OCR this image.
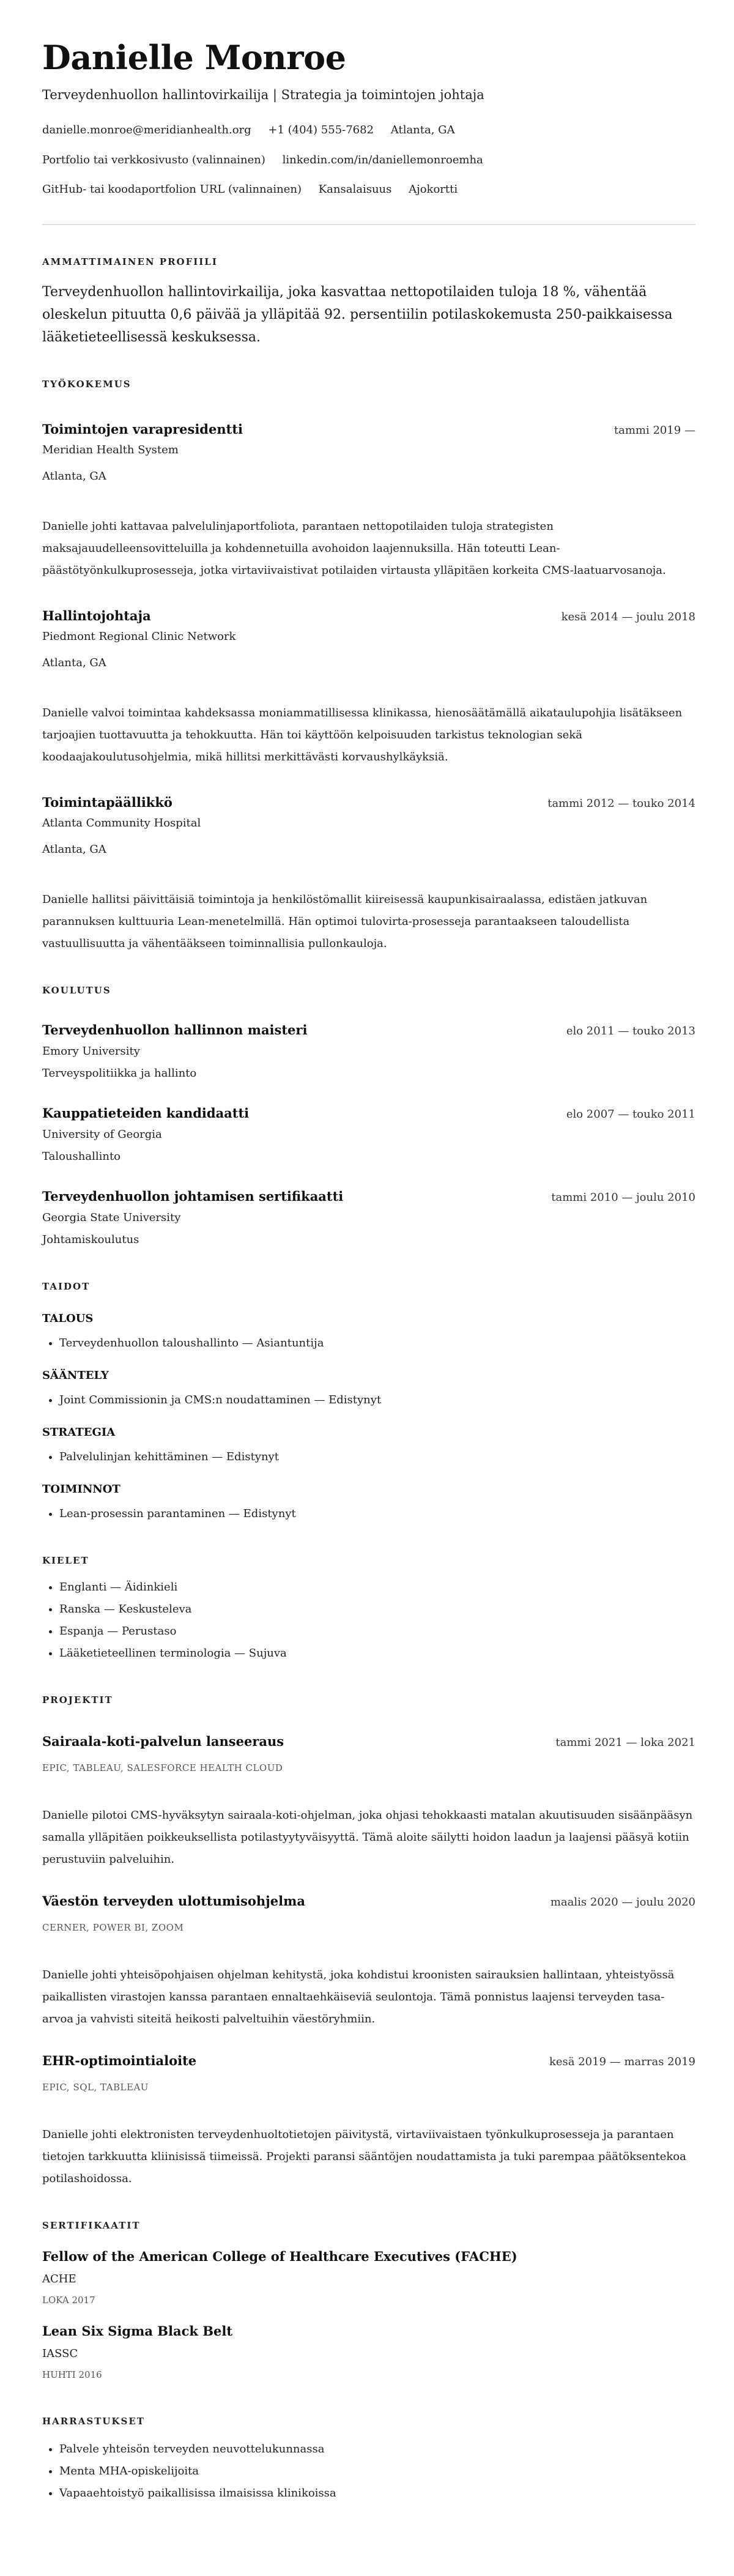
Danielle Monroe
Terveydenhuollon hallintovirkailija | Strategia ja toimintojen johtaja
danielle.monroe@meridianhealth.org +1 (404) 555-7682 Atlanta, GA
Portfolio tai verkkosivusto (valinnainen) linkedin.com/in/daniellemonroemha
GitHub- tai koodaportfolion URL (valinnainen) Kansalaisuus Ajokortti
AMMATTIMAINEN PROFIILI
Terveydenhuollon hallintovirkailija, joka kasvattaa nettopotilaiden tuloja 18 %, vähentää oleskelun pituutta 0,6 päivää ja ylläpitää 92. persentiilin potilaskokemusta 250-paikkaisessa lääketieteellisessä keskuksessa.
TYÖKOKEMUS
Toimintojen varapresidentti	tammi 2019 —
Meridian Health System
Atlanta, GA
Danielle johti kattavaa palvelulinjaportfoliota, parantaen nettopotilaiden tuloja strategisten maksajauudelleensovitteluilla ja kohdennetuilla avohoidon laajennuksilla. Hän toteutti Lean-päästötyönkulkuprosesseja, jotka virtaviivaistivat potilaiden virtausta ylläpitäen korkeita CMS-laatuarvosanoja.
Hallintojohtaja	kesä 2014 — joulu 2018
Piedmont Regional Clinic Network
Atlanta, GA
Danielle valvoi toimintaa kahdeksassa moniammatillisessa klinikassa, hienosäätämällä aikataulupohjia lisätäkseen tarjoajien tuottavuutta ja tehokkuutta. Hän toi käyttöön kelpoisuuden tarkistus teknologian sekä koodaajakoulutusohjelmia, mikä hillitsi merkittävästi korvaushylkäyksiä.
Toimintapäällikkö	tammi 2012 — touko 2014
Atlanta Community Hospital
Atlanta, GA
Danielle hallitsi päivittäisiä toimintoja ja henkilöstömallit kiireisessä kaupunkisairaalassa, edistäen jatkuvan parannuksen kulttuuria Lean-menetelmillä. Hän optimoi tulovirta-prosesseja parantaakseen taloudellista vastuullisuutta ja vähentääkseen toiminnallisia pullonkauloja.
KOULUTUS
Terveydenhuollon hallinnon maisteri	elo 2011 — touko 2013
Emory University
Terveyspolitiikka ja hallinto
Kauppatieteiden kandidaatti	elo 2007 — touko 2011
University of Georgia
Taloushallinto
Terveydenhuollon johtamisen sertifikaatti	tammi 2010 — joulu 2010
Georgia State University
Johtamiskoulutus
TAIDOT
TALOUS
• Terveydenhuollon taloushallinto — Asiantuntija
SÄÄNTELY
• Joint Commissionin ja CMS:n noudattaminen — Edistynyt
STRATEGIA
• Palvelulinjan kehittäminen — Edistynyt
TOIMINNOT
• Lean-prosessin parantaminen — Edistynyt
KIELET
• Englanti — Äidinkieli
• Ranska — Keskusteleva
• Espanja — Perustaso
• Lääketieteellinen terminologia — Sujuva
PROJEKTIT
Sairaala-koti-palvelun lanseeraus	tammi 2021 — loka 2021
EPIC, TABLEAU, SALESFORCE HEALTH CLOUD
Danielle pilotoi CMS-hyväksytyn sairaala-koti-ohjelman, joka ohjasi tehokkaasti matalan akuutisuuden sisäänpääsyn samalla ylläpitäen poikkeuksellista potilastyytyväisyyttä. Tämä aloite säilytti hoidon laadun ja laajensi pääsyä kotiin perustuviin palveluihin.
Väestön terveyden ulottumisohjelma	maalis 2020 — joulu 2020
CERNER, POWER BI, ZOOM
Danielle johti yhteisöpohjaisen ohjelman kehitystä, joka kohdistui kroonisten sairauksien hallintaan, yhteistyössä paikallisten virastojen kanssa parantaen ennaltaehkäiseviä seulontoja. Tämä ponnistus laajensi terveyden tasa-arvoa ja vahvisti siteitä heikosti palveltuihin väestöryhmiin.
EHR-optimointialoite	kesä 2019 — marras 2019
EPIC, SQL, TABLEAU
Danielle johti elektronisten terveydenhuoltotietojen päivitystä, virtaviivaistaen työnkulkuprosesseja ja parantaen tietojen tarkkuutta kliinisissä tiimeissä. Projekti paransi sääntöjen noudattamista ja tuki parempaa päätöksentekoa potilashoidossa.
SERTIFIKAATIT
Fellow of the American College of Healthcare Executives (FACHE)
ACHE
LOKA 2017
Lean Six Sigma Black Belt
IASSC
HUHTI 2016
HARRASTUKSET
• Palvele yhteisön terveyden neuvottelukunnassa
• Menta MHA-opiskelijoita
• Vapaaehtoistyö paikallisissa ilmaisissa klinikoissa
